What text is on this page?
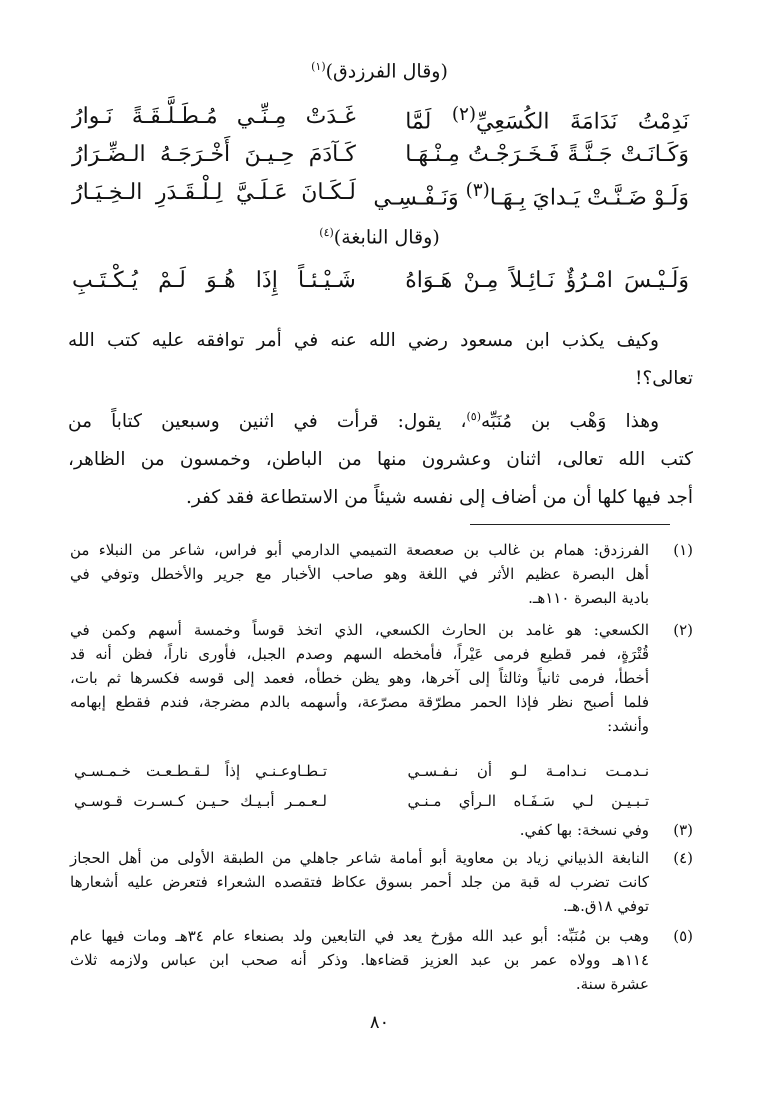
(وقال الفرزدق)$^{(١)}$
نَدِمْتُ نَدَامَةَ الكُسَعِيِّ$^{(٢)}$ لَمَّا
غَـدَتْ مِـنِّـي مُـطَـلَّـقَـةً نَـوارُ
وَكَـانَـتْ جَـنَّـةً فَـخَـرَجْـتُ مِـنْـهَـا
كَـآدَمَ حِـيـنَ أَخْـرَجَـهُ الـضِّـرَارُ
وَلَـوْ ضَـنَّـتْ يَـدايَ بِـهَـا$^{(٣)}$ وَنَـفْـسِـي
لَـكَـانَ عَـلَـيَّ لِـلْـقَـدَرِ الـخِـيَـارُ
(وقال النابغة)$^{(٤)}$
وَلَـيْـسَ امْـرُؤٌ نَـائِـلاً مِـنْ هَـوَاهُ
شَـيْـئـاً إِذَا هُـوَ لَـمْ يُـكْـتَـبِ
وكيف يكذب ابن مسعود رضي الله عنه في أمر توافقه عليه كتب الله
تعالى؟!
وهذا وَهْب بن مُنَبِّه$^{(٥)}$، يقول: قرأت في اثنين وسبعين كتاباً من
كتب الله تعالى، اثنان وعشرون منها من الباطن، وخمسون من الظاهر،
أجد فيها كلها أن من أضاف إلى نفسه شيئاً من الاستطاعة فقد كفر.
(١)
الفرزدق: همام بن غالب بن صعصعة التميمي الدارمي أبو فراس، شاعر من النبلاء من
أهل البصرة عظيم الأثر في اللغة وهو صاحب الأخبار مع جرير والأخطل وتوفي في
بادية البصرة ١١٠هـ.
(٢)
الكسعي: هو غامد بن الحارث الكسعي، الذي اتخذ قوساً وخمسة أسهم وكمن في
قُتْرَةٍ، فمر قطيع فرمى عَيْراً، فأمخطه السهم وصدم الجبل، فأورى ناراً، فظن أنه قد
أخطأ، فرمى ثانياً وثالثاً إلى آخرها، وهو يظن خطأه، فعمد إلى قوسه فكسرها ثم بات،
فلما أصبح نظر فإذا الحمر مطرّقة مصرّعة، وأسهمه بالدم مضرجة، فندم فقطع إبهامه
وأنشد:
نـدمـت نـدامـة لـو أن نـفـسـي
تـطـاوعـنـي إذاً لـقـطـعـت خـمـسـي
تـبـيـن لـي سَـفَـاه الـرأي مـنـي
لـعـمـر أبـيـك حـيـن كـسـرت قـوسـي
(٣)
وفي نسخة: بها كفي.
(٤)
النابغة الذبياني زياد بن معاوية أبو أمامة شاعر جاهلي من الطبقة الأولى من أهل الحجاز
كانت تضرب له قبة من جلد أحمر بسوق عكاظ فتقصده الشعراء فتعرض عليه أشعارها
توفي ١٨ق.هـ.
(٥)
وهب بن مُنَبِّه: أبو عبد الله مؤرخ يعد في التابعين ولد بصنعاء عام ٣٤هـ ومات فيها عام
١١٤هـ وولاه عمر بن عبد العزيز قضاءها. وذكر أنه صحب ابن عباس ولازمه ثلاث
عشرة سنة.
٨٠
